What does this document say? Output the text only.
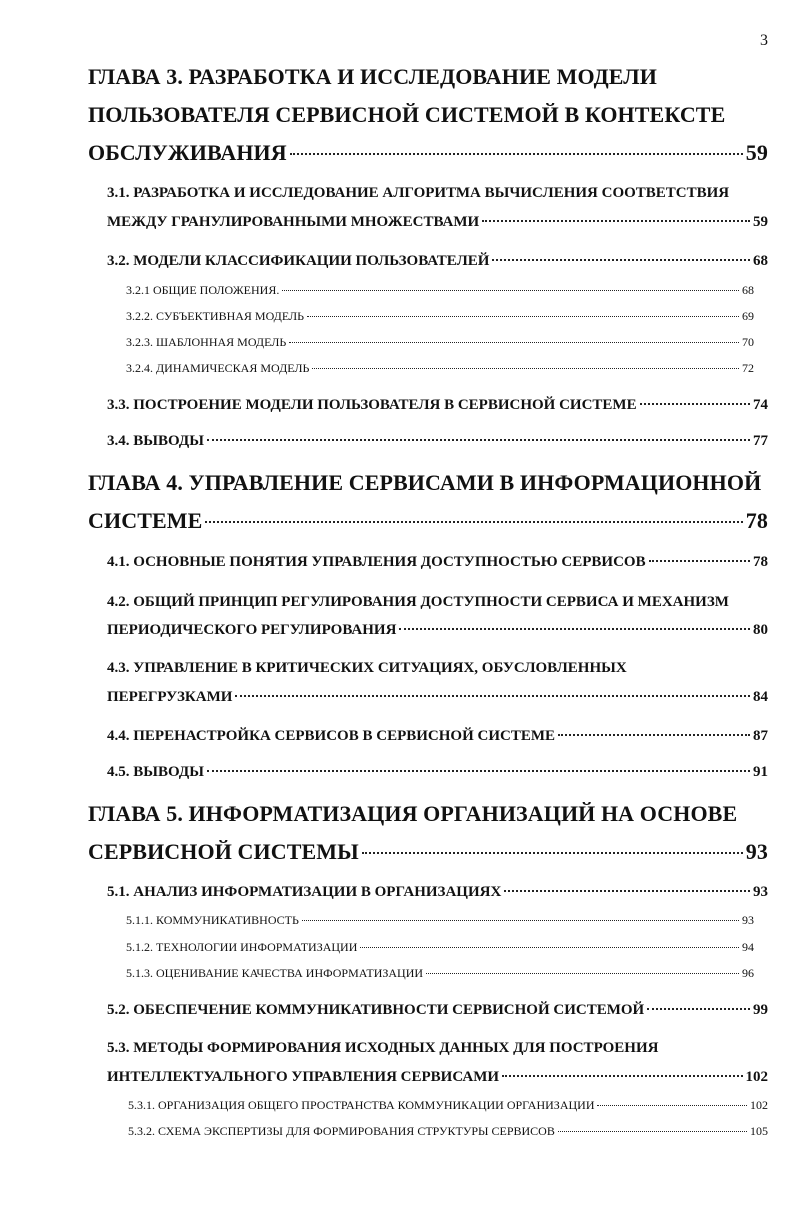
3
ГЛАВА 3. РАЗРАБОТКА И ИССЛЕДОВАНИЕ МОДЕЛИ
ПОЛЬЗОВАТЕЛЯ СЕРВИСНОЙ СИСТЕМОЙ В КОНТЕКСТЕ
ОБСЛУЖИВАНИЯ	59
3.1. РАЗРАБОТКА И ИССЛЕДОВАНИЕ АЛГОРИТМА ВЫЧИСЛЕНИЯ СООТВЕТСТВИЯ
МЕЖДУ ГРАНУЛИРОВАННЫМИ МНОЖЕСТВАМИ	59
3.2. МОДЕЛИ КЛАССИФИКАЦИИ ПОЛЬЗОВАТЕЛЕЙ	68
3.2.1 ОБЩИЕ ПОЛОЖЕНИЯ.	68
3.2.2. СУБЪЕКТИВНАЯ МОДЕЛЬ	69
3.2.3. ШАБЛОННАЯ МОДЕЛЬ	70
3.2.4. ДИНАМИЧЕСКАЯ МОДЕЛЬ	72
3.3. ПОСТРОЕНИЕ МОДЕЛИ ПОЛЬЗОВАТЕЛЯ В СЕРВИСНОЙ СИСТЕМЕ	74
3.4. ВЫВОДЫ	77
ГЛАВА 4. УПРАВЛЕНИЕ СЕРВИСАМИ В ИНФОРМАЦИОННОЙ
СИСТЕМЕ	78
4.1. ОСНОВНЫЕ ПОНЯТИЯ УПРАВЛЕНИЯ ДОСТУПНОСТЬЮ СЕРВИСОВ	78
4.2. ОБЩИЙ ПРИНЦИП РЕГУЛИРОВАНИЯ ДОСТУПНОСТИ СЕРВИСА И МЕХАНИЗМ
ПЕРИОДИЧЕСКОГО РЕГУЛИРОВАНИЯ	80
4.3. УПРАВЛЕНИЕ В КРИТИЧЕСКИХ СИТУАЦИЯХ, ОБУСЛОВЛЕННЫХ
ПЕРЕГРУЗКАМИ	84
4.4. ПЕРЕНАСТРОЙКА СЕРВИСОВ В СЕРВИСНОЙ СИСТЕМЕ	87
4.5. ВЫВОДЫ	91
ГЛАВА 5. ИНФОРМАТИЗАЦИЯ ОРГАНИЗАЦИЙ НА ОСНОВЕ
СЕРВИСНОЙ СИСТЕМЫ	93
5.1. АНАЛИЗ ИНФОРМАТИЗАЦИИ В ОРГАНИЗАЦИЯХ	93
5.1.1. КОММУНИКАТИВНОСТЬ	93
5.1.2. ТЕХНОЛОГИИ ИНФОРМАТИЗАЦИИ	94
5.1.3. ОЦЕНИВАНИЕ КАЧЕСТВА ИНФОРМАТИЗАЦИИ	96
5.2. ОБЕСПЕЧЕНИЕ КОММУНИКАТИВНОСТИ СЕРВИСНОЙ СИСТЕМОЙ	99
5.3. МЕТОДЫ ФОРМИРОВАНИЯ ИСХОДНЫХ ДАННЫХ ДЛЯ ПОСТРОЕНИЯ
ИНТЕЛЛЕКТУАЛЬНОГО УПРАВЛЕНИЯ СЕРВИСАМИ	102
5.3.1. ОРГАНИЗАЦИЯ ОБЩЕГО ПРОСТРАНСТВА КОММУНИКАЦИИ ОРГАНИЗАЦИИ	102
5.3.2. СХЕМА ЭКСПЕРТИЗЫ ДЛЯ ФОРМИРОВАНИЯ СТРУКТУРЫ СЕРВИСОВ	105
